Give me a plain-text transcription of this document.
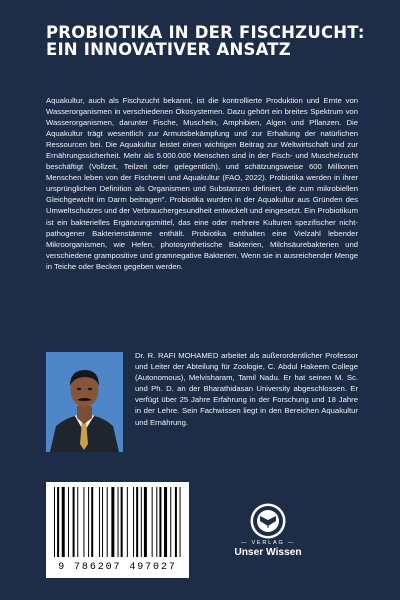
PROBIOTIKA IN DER FISCHZUCHT: EIN INNOVATIVER ANSATZ

Aquakultur, auch als Fischzucht bekannt, ist die kontrollierte Produktion und Ernte von Wasserorganismen in verschiedenen Ökosystemen. Dazu gehört ein breites Spektrum von Wasserorganismen, darunter Fische, Muscheln, Amphibien, Algen und Pflanzen. Die Aquakultur trägt wesentlich zur Armutsbekämpfung und zur Erhaltung der natürlichen Ressourcen bei. Die Aquakultur leistet einen wichtigen Beitrag zur Weltwirtschaft und zur Ernährungssicherheit. Mehr als 5.000.000 Menschen sind in der Fisch- und Muschelzucht beschäftigt (Vollzeit, Teilzeit oder gelegentlich), und schätzungsweise 600 Millionen Menschen leben von der Fischerei und Aquakultur (FAO, 2022). Probiotika werden in ihrer ursprünglichen Definition als Organismen und Substanzen definiert, die zum mikrobiellen Gleichgewicht im Darm beitragen". Probiotika wurden in der Aquakultur aus Gründen des Umweltschutzes und der Verbrauchergesundheit entwickelt und eingesetzt. Ein Probiotikum ist ein bakterielles Ergänzungsmittel, das eine oder mehrere Kulturen spezifischer nicht-pathogener Bakterienstämme enthält. Probiotika enthalten eine Vielzahl lebender Mikroorganismen, wie Hefen, photosynthetische Bakterien, Milchsäurebakterien und verschiedene grampositive und gramnegative Bakterien. Wenn sie in ausreichender Menge in Teiche oder Becken gegeben werden.

Dr. R. RAFI MOHAMED arbeitet als außerordentlicher Professor und Leiter der Abteilung für Zoologie, C. Abdul Hakeem College (Autonomous), Melvisharam, Tamil Nadu. Er hat seinen M. Sc. und Ph. D. an der Bharathidasan University abgeschlossen. Er verfügt über 25 Jahre Erfahrung in der Forschung und 18 Jahre in der Lehre. Sein Fachwissen liegt in den Bereichen Aquakultur und Ernährung.

9 786207 497027
— VERLAG —
Unser Wissen
